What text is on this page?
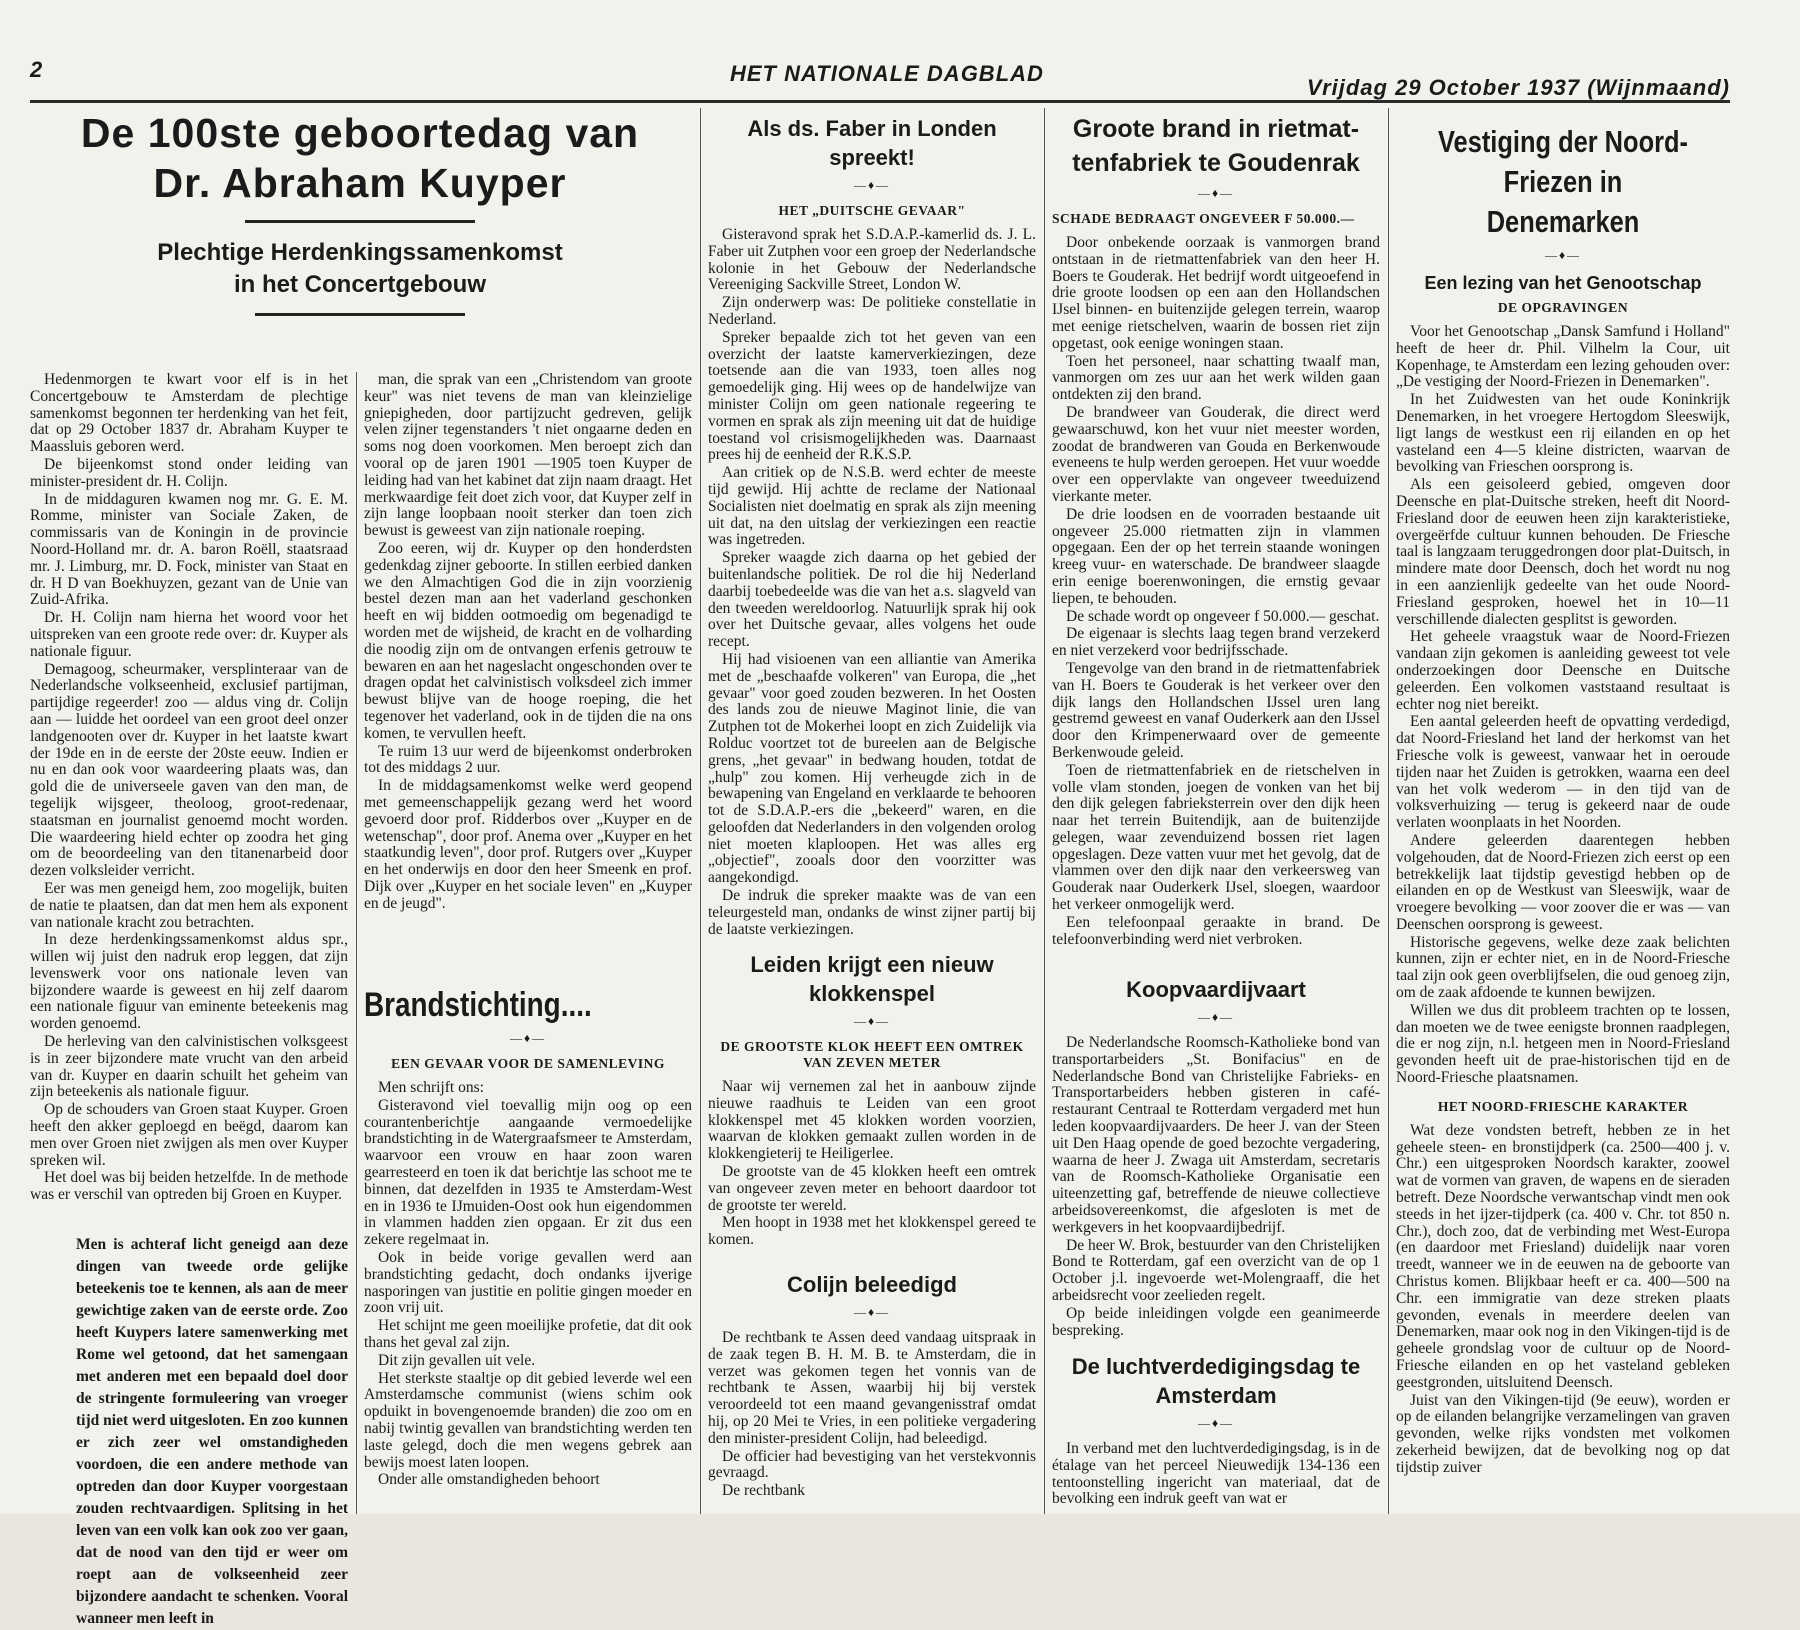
2	HET NATIONALE DAGBLAD
Vrijdag 29 October 1937 (Wijnmaand)
De 100ste geboortedag van
Dr. Abraham Kuyper
Plechtige Herdenkingssamenkomst
in het Concertgebouw

Hedenmorgen te kwart voor elf is in het Concertgebouw te Amsterdam de plechtige samenkomst begonnen ter herdenking van het feit, dat op 29 October 1837 dr. Abraham Kuyper te Maassluis geboren werd.

De bijeenkomst stond onder leiding van minister-president dr. H. Colijn.

In de middaguren kwamen nog mr. G. E. M. Romme, minister van Sociale Zaken, de commissaris van de Koningin in de provincie Noord-Holland mr. dr. A. baron Roëll, staatsraad mr. J. Limburg, mr. D. Fock, minister van Staat en dr. H D van Boekhuyzen, gezant van de Unie van Zuid-Afrika.

Dr. H. Colijn nam hierna het woord voor het uitspreken van een groote rede over: dr. Kuyper als nationale figuur.

Demagoog, scheurmaker, versplinteraar van de Nederlandsche volkseenheid, exclusief partijman, partijdige regeerder! zoo — aldus ving dr. Colijn aan — luidde het oordeel van een groot deel onzer landgenooten over dr. Kuyper in het laatste kwart der 19de en in de eerste der 20ste eeuw. Indien er nu en dan ook voor waardeering plaats was, dan gold die de universeele gaven van den man, de tegelijk wijsgeer, theoloog, groot-redenaar, staatsman en journalist genoemd mocht worden. Die waardeering hield echter op zoodra het ging om de beoordeeling van den titanenarbeid door dezen volksleider verricht.

Eer was men geneigd hem, zoo mogelijk, buiten de natie te plaatsen, dan dat men hem als exponent van nationale kracht zou betrachten.

In deze herdenkingssamenkomst aldus spr., willen wij juist den nadruk erop leggen, dat zijn levenswerk voor ons nationale leven van bijzondere waarde is geweest en hij zelf daarom een nationale figuur van eminente beteekenis mag worden genoemd.

De herleving van den calvinistischen volksgeest is in zeer bijzondere mate vrucht van den arbeid van dr. Kuyper en daarin schuilt het geheim van zijn beteekenis als nationale figuur.

Op de schouders van Groen staat Kuyper. Groen heeft den akker geploegd en beëgd, daarom kan men over Groen niet zwijgen als men over Kuyper spreken wil.

Het doel was bij beiden hetzelfde. In de methode was er verschil van optreden bij Groen en Kuyper.

Men is achteraf licht geneigd aan deze dingen van tweede orde gelijke beteekenis toe te kennen, als aan de meer gewichtige zaken van de eerste orde. Zoo heeft Kuypers latere samenwerking met Rome wel getoond, dat het samengaan met anderen met een bepaald doel door de stringente formuleering van vroeger tijd niet werd uitgesloten. En zoo kunnen er zich zeer wel omstandigheden voordoen, die een andere methode van optreden dan door Kuyper voorgestaan zouden rechtvaardigen. Splitsing in het leven van een volk kan ook zoo ver gaan, dat de nood van den tijd er weer om roept aan de volkseenheid zeer bijzondere aandacht te schenken. Vooral wanneer men leeft in

man, die sprak van een „Christendom van groote keur" was niet tevens de man van kleinzielige gniepigheden, door partijzucht gedreven, gelijk velen zijner tegenstanders 't niet ongaarne deden en soms nog doen voorkomen. Men beroept zich dan vooral op de jaren 1901 —1905 toen Kuyper de leiding had van het kabinet dat zijn naam draagt. Het merkwaardige feit doet zich voor, dat Kuyper zelf in zijn lange loopbaan nooit sterker dan toen zich bewust is geweest van zijn nationale roeping.

Zoo eeren, wij dr. Kuyper op den honderdsten gedenkdag zijner geboorte. In stillen eerbied danken we den Almachtigen God die in zijn voorzienig bestel dezen man aan het vaderland geschonken heeft en wij bidden ootmoedig om begenadigd te worden met de wijsheid, de kracht en de volharding die noodig zijn om de ontvangen erfenis getrouw te bewaren en aan het nageslacht ongeschonden over te dragen opdat het calvinistisch volksdeel zich immer bewust blijve van de hooge roeping, die het tegenover het vaderland, ook in de tijden die na ons komen, te vervullen heeft.

Te ruim 13 uur werd de bijeenkomst onderbroken tot des middags 2 uur.

In de middagsamenkomst welke werd geopend met gemeenschappelijk gezang werd het woord gevoerd door prof. Ridderbos over „Kuyper en de wetenschap", door prof. Anema over „Kuyper en het staatkundig leven", door prof. Rutgers over „Kuyper en het onderwijs en door den heer Smeenk en prof. Dijk over „Kuyper en het sociale leven" en „Kuyper en de jeugd".

Brandstichting....
—♦—
EEN GEVAAR VOOR DE SAMENLEVING

Men schrijft ons:

Gisteravond viel toevallig mijn oog op een courantenberichtje aangaande vermoedelijke brandstichting in de Watergraafsmeer te Amsterdam, waarvoor een vrouw en haar zoon waren gearresteerd en toen ik dat berichtje las schoot me te binnen, dat dezelfden in 1935 te Amsterdam-West en in 1936 te IJmuiden-Oost ook hun eigendommen in vlammen hadden zien opgaan. Er zit dus een zekere regelmaat in.

Ook in beide vorige gevallen werd aan brandstichting gedacht, doch ondanks ijverige nasporingen van justitie en politie gingen moeder en zoon vrij uit.

Het schijnt me geen moeilijke profetie, dat dit ook thans het geval zal zijn.

Dit zijn gevallen uit vele.

Het sterkste staaltje op dit gebied leverde wel een Amsterdamsche communist (wiens schim ook opduikt in bovengenoemde branden) die zoo om en nabij twintig gevallen van brandstichting werden ten laste gelegd, doch die men wegens gebrek aan bewijs moest laten loopen.

Onder alle omstandigheden behoort

Als ds. Faber in Londen spreekt!
—♦—
HET „DUITSCHE GEVAAR"

Gisteravond sprak het S.D.A.P.-kamerlid ds. J. L. Faber uit Zutphen voor een groep der Nederlandsche kolonie in het Gebouw der Nederlandsche Vereeniging Sackville Street, London W.

Zijn onderwerp was: De politieke constellatie in Nederland.

Spreker bepaalde zich tot het geven van een overzicht der laatste kamerverkiezingen, deze toetsende aan die van 1933, toen alles nog gemoedelijk ging. Hij wees op de handelwijze van minister Colijn om geen nationale regeering te vormen en sprak als zijn meening uit dat de huidige toestand vol crisismogelijkheden was. Daarnaast prees hij de eenheid der R.K.S.P.

Aan critiek op de N.S.B. werd echter de meeste tijd gewijd. Hij achtte de reclame der Nationaal Socialisten niet doelmatig en sprak als zijn meening uit dat, na den uitslag der verkiezingen een reactie was ingetreden.

Spreker waagde zich daarna op het gebied der buitenlandsche politiek. De rol die hij Nederland daarbij toebedeelde was die van het a.s. slagveld van den tweeden wereldoorlog. Natuurlijk sprak hij ook over het Duitsche gevaar, alles volgens het oude recept.

Hij had visioenen van een alliantie van Amerika met de „beschaafde volkeren" van Europa, die „het gevaar" voor goed zouden bezweren. In het Oosten des lands zou de nieuwe Maginot linie, die van Zutphen tot de Mokerhei loopt en zich Zuidelijk via Rolduc voortzet tot de bureelen aan de Belgische grens, „het gevaar" in bedwang houden, totdat de „hulp" zou komen. Hij verheugde zich in de bewapening van Engeland en verklaarde te behooren tot de S.D.A.P.-ers die „bekeerd" waren, en die geloofden dat Nederlanders in den volgenden orolog niet moeten klaploopen. Het was alles erg „objectief", zooals door den voorzitter was aangekondigd.

De indruk die spreker maakte was de van een teleurgesteld man, ondanks de winst zijner partij bij de laatste verkiezingen.

Leiden krijgt een nieuw
klokkenspel
—♦—
DE GROOTSTE KLOK HEEFT EEN OMTREK VAN ZEVEN METER

Naar wij vernemen zal het in aanbouw zijnde nieuwe raadhuis te Leiden van een groot klokkenspel met 45 klokken worden voorzien, waarvan de klokken gemaakt zullen worden in de klokkengieterij te Heiligerlee.

De grootste van de 45 klokken heeft een omtrek van ongeveer zeven meter en behoort daardoor tot de grootste ter wereld.

Men hoopt in 1938 met het klokkenspel gereed te komen.

Colijn beleedigd
—♦—

De rechtbank te Assen deed vandaag uitspraak in de zaak tegen B. H. M. B. te Amsterdam, die in verzet was gekomen tegen het vonnis van de rechtbank te Assen, waarbij hij bij verstek veroordeeld tot een maand gevangenisstraf omdat hij, op 20 Mei te Vries, in een politieke vergadering den minister-president Colijn, had beleedigd.

De officier had bevestiging van het verstekvonnis gevraagd.

De rechtbank

Groote brand in rietmat-
tenfabriek te Goudenrak
—♦—
SCHADE BEDRAAGT ONGEVEER F 50.000.—

Door onbekende oorzaak is vanmorgen brand ontstaan in de rietmattenfabriek van den heer H. Boers te Gouderak. Het bedrijf wordt uitgeoefend in drie groote loodsen op een aan den Hollandschen IJsel binnen- en buitenzijde gelegen terrein, waarop met eenige rietschelven, waarin de bossen riet zijn opgetast, ook eenige woningen staan.

Toen het personeel, naar schatting twaalf man, vanmorgen om zes uur aan het werk wilden gaan ontdekten zij den brand.

De brandweer van Gouderak, die direct werd gewaarschuwd, kon het vuur niet meester worden, zoodat de brandweren van Gouda en Berkenwoude eveneens te hulp werden geroepen. Het vuur woedde over een oppervlakte van ongeveer tweeduizend vierkante meter.

De drie loodsen en de voorraden bestaande uit ongeveer 25.000 rietmatten zijn in vlammen opgegaan. Een der op het terrein staande woningen kreeg vuur- en waterschade. De brandweer slaagde erin eenige boerenwoningen, die ernstig gevaar liepen, te behouden.

De schade wordt op ongeveer f 50.000.— geschat.

De eigenaar is slechts laag tegen brand verzekerd en niet verzekerd voor bedrijfsschade.

Tengevolge van den brand in de rietmattenfabriek van H. Boers te Gouderak is het verkeer over den dijk langs den Hollandschen IJssel uren lang gestremd geweest en vanaf Ouderkerk aan den IJssel door den Krimpenerwaard over de gemeente Berkenwoude geleid.

Toen de rietmattenfabriek en de rietschelven in volle vlam stonden, joegen de vonken van het bij den dijk gelegen fabrieksterrein over den dijk heen naar het terrein Buitendijk, aan de buitenzijde gelegen, waar zevenduizend bossen riet lagen opgeslagen. Deze vatten vuur met het gevolg, dat de vlammen over den dijk naar den verkeersweg van Gouderak naar Ouderkerk IJsel, sloegen, waardoor het verkeer onmogelijk werd.

Een telefoonpaal geraakte in brand. De telefoonverbinding werd niet verbroken.

Koopvaardijvaart
—♦—

De Nederlandsche Roomsch-Katholieke bond van transportarbeiders „St. Bonifacius" en de Nederlandsche Bond van Christelijke Fabrieks- en Transportarbeiders hebben gisteren in café-restaurant Centraal te Rotterdam vergaderd met hun leden koopvaardijvaarders. De heer J. van der Steen uit Den Haag opende de goed bezochte vergadering, waarna de heer J. Zwaga uit Amsterdam, secretaris van de Roomsch-Katholieke Organisatie een uiteenzetting gaf, betreffende de nieuwe collectieve arbeidsovereenkomst, die afgesloten is met de werkgevers in het koopvaardijbedrijf.

De heer W. Brok, bestuurder van den Christelijken Bond te Rotterdam, gaf een overzicht van de op 1 October j.l. ingevoerde wet-Molengraaff, die het arbeidsrecht voor zeelieden regelt.

Op beide inleidingen volgde een geanimeerde bespreking.

De luchtverdedigingsdag te
Amsterdam
—♦—

In verband met den luchtverdedigingsdag, is in de étalage van het perceel Nieuwedijk 134-136 een tentoonstelling ingericht van materiaal, dat de bevolking een indruk geeft van wat er

Vestiging der Noord-
Friezen in Denemarken
—♦—
Een lezing van het Genootschap
DE OPGRAVINGEN

Voor het Genootschap „Dansk Samfund i Holland" heeft de heer dr. Phil. Vilhelm la Cour, uit Kopenhage, te Amsterdam een lezing gehouden over: „De vestiging der Noord-Friezen in Denemarken".

In het Zuidwesten van het oude Koninkrijk Denemarken, in het vroegere Hertogdom Sleeswijk, ligt langs de westkust een rij eilanden en op het vasteland een 4—5 kleine districten, waarvan de bevolking van Frieschen oorsprong is.

Als een geisoleerd gebied, omgeven door Deensche en plat-Duitsche streken, heeft dit Noord-Friesland door de eeuwen heen zijn karakteristieke, overgeërfde cultuur kunnen behouden. De Friesche taal is langzaam teruggedrongen door plat-Duitsch, in mindere mate door Deensch, doch het wordt nu nog in een aanzienlijk gedeelte van het oude Noord-Friesland gesproken, hoewel het in 10—11 verschillende dialecten gesplitst is geworden.

Het geheele vraagstuk waar de Noord-Friezen vandaan zijn gekomen is aanleiding geweest tot vele onderzoekingen door Deensche en Duitsche geleerden. Een volkomen vaststaand resultaat is echter nog niet bereikt.

Een aantal geleerden heeft de opvatting verdedigd, dat Noord-Friesland het land der herkomst van het Friesche volk is geweest, vanwaar het in oeroude tijden naar het Zuiden is getrokken, waarna een deel van het volk wederom — in den tijd van de volksverhuizing — terug is gekeerd naar de oude verlaten woonplaats in het Noorden.

Andere geleerden daarentegen hebben volgehouden, dat de Noord-Friezen zich eerst op een betrekkelijk laat tijdstip gevestigd hebben op de eilanden en op de Westkust van Sleeswijk, waar de vroegere bevolking — voor zoover die er was — van Deenschen oorsprong is geweest.

Historische gegevens, welke deze zaak belichten kunnen, zijn er echter niet, en in de Noord-Friesche taal zijn ook geen overblijfselen, die oud genoeg zijn, om de zaak afdoende te kunnen bewijzen.

Willen we dus dit probleem trachten op te lossen, dan moeten we de twee eenigste bronnen raadplegen, die er nog zijn, n.l. hetgeen men in Noord-Friesland gevonden heeft uit de prae-historischen tijd en de Noord-Friesche plaatsnamen.

HET NOORD-FRIESCHE KARAKTER

Wat deze vondsten betreft, hebben ze in het geheele steen- en bronstijdperk (ca. 2500—400 j. v. Chr.) een uitgesproken Noordsch karakter, zoowel wat de vormen van graven, de wapens en de sieraden betreft. Deze Noordsche verwantschap vindt men ook steeds in het ijzer-tijdperk (ca. 400 v. Chr. tot 850 n. Chr.), doch zoo, dat de verbinding met West-Europa (en daardoor met Friesland) duidelijk naar voren treedt, wanneer we in de eeuwen na de geboorte van Christus komen. Blijkbaar heeft er ca. 400—500 na Chr. een immigratie van deze streken plaats gevonden, evenals in meerdere deelen van Denemarken, maar ook nog in den Vikingen-tijd is de geheele grondslag voor de cultuur op de Noord-Friesche eilanden en op het vasteland gebleken geestgronden, uitsluitend Deensch.

Juist van den Vikingen-tijd (9e eeuw), worden er op de eilanden belangrijke verzamelingen van graven gevonden, welke rijks vondsten met volkomen zekerheid bewijzen, dat de bevolking nog op dat tijdstip zuiver
